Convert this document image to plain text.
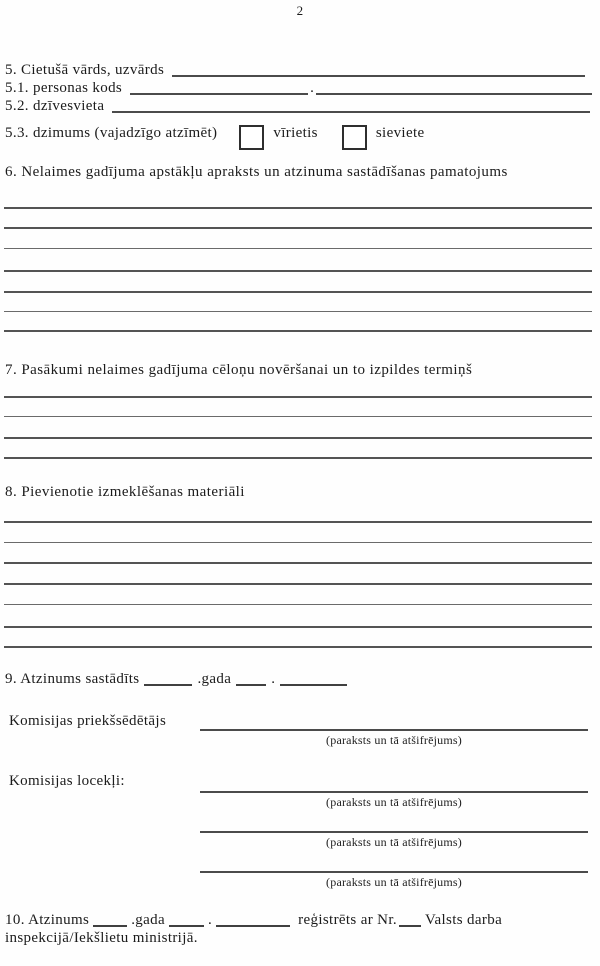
2
5. Cietušā vārds, uzvārds
5.1. personas kods	.
5.2. dzīvesvieta
5.3. dzimums (vajadzīgo atzīmēt)	vīrietis	sieviete
6. Nelaimes gadījuma apstākļu apraksts un atzinuma sastādīšanas pamatojums
7. Pasākumi nelaimes gadījuma cēloņu novēršanai un to izpildes termiņš
8. Pievienotie izmeklēšanas materiāli
9. Atzinums sastādīts	.gada	.
Komisijas priekšsēdētājs
(paraksts un tā atšifrējums)
Komisijas locekļi:
(paraksts un tā atšifrējums)
(paraksts un tā atšifrējums)
(paraksts un tā atšifrējums)
10. Atzinums	.gada	.	reģistrēts ar Nr. Valsts darba
inspekcijā/Iekšlietu ministrijā.
